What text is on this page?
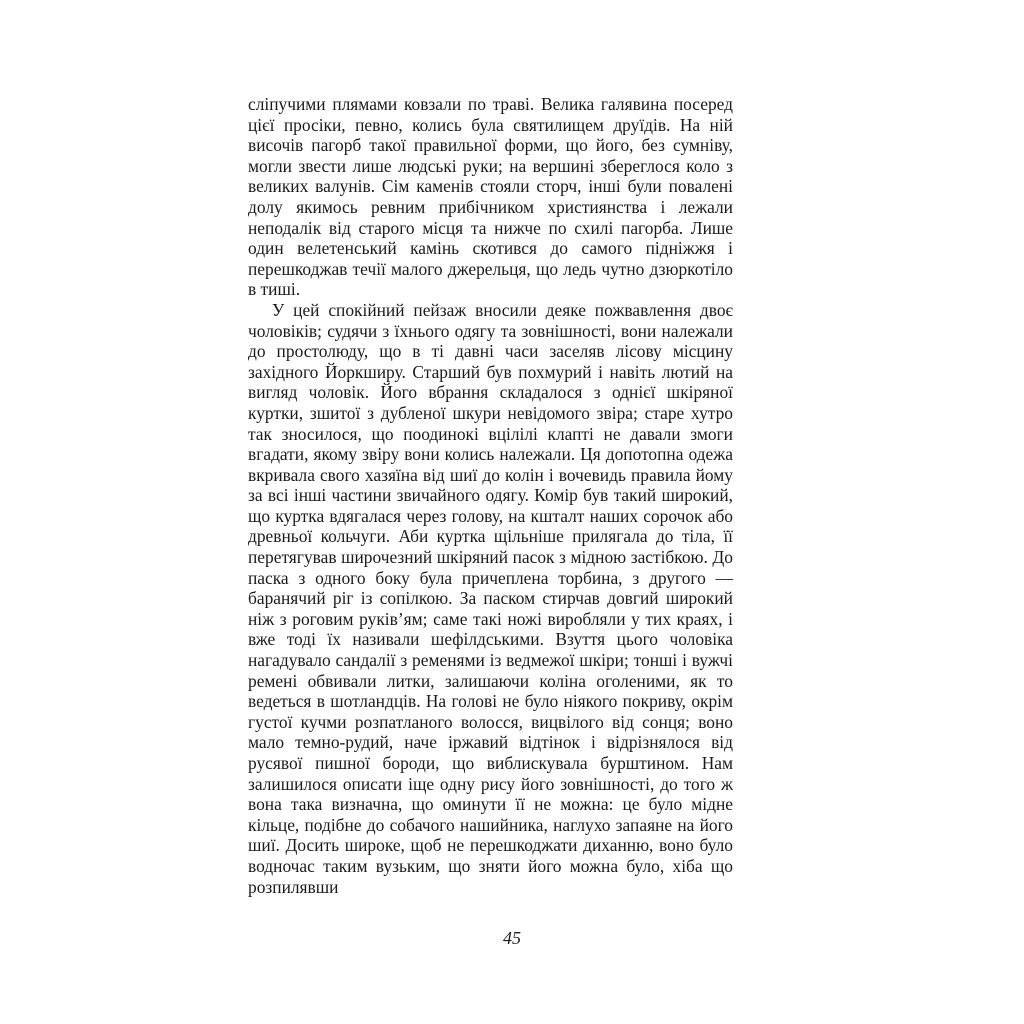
сліпучими плямами ковзали по траві. Велика галявина посеред цієї просіки, певно, колись була святилищем друїдів. На ній височів пагорб такої правильної форми, що його, без сумніву, могли звести лише людські руки; на вершині збереглося коло з великих валунів. Сім каменів стояли сторч, інші були повалені долу якимось ревним прибічником християнства і лежали неподалік від старого місця та нижче по схилі пагорба. Лише один велетенський камінь скотився до самого підніжжя і перешкоджав течії малого джерельця, що ледь чутно дзюркотіло в тиші.

У цей спокійний пейзаж вносили деяке пожвавлення двоє чоловіків; судячи з їхнього одягу та зовнішності, вони належали до простолюду, що в ті давні часи заселяв лісову місцину західного Йоркширу. Старший був похмурий і навіть лютий на вигляд чоловік. Його вбрання складалося з однієї шкіряної куртки, зшитої з дубленої шкури невідомого звіра; старе хутро так зносилося, що поодинокі вцілілі клапті не давали змоги вгадати, якому звіру вони колись належали. Ця допотопна одежа вкривала свого хазяїна від шиї до колін і вочевидь правила йому за всі інші частини звичайного одягу. Комір був такий широкий, що куртка вдягалася через голову, на кшталт наших сорочок або древньої кольчуги. Аби куртка щільніше прилягала до тіла, її перетягував широчезний шкіряний пасок з мідною застібкою. До паска з одного боку була причеплена торбина, з другого — баранячий ріг із сопілкою. За паском стирчав довгий широкий ніж з роговим руків’ям; саме такі ножі виробляли у тих краях, і вже тоді їх називали шефілдськими. Взуття цього чоловіка нагадувало сандалії з ременями із ведмежої шкіри; тонші і вужчі ремені обвивали литки, залишаючи коліна оголеними, як то ведеться в шотландців. На голові не було ніякого покриву, окрім густої кучми розпатланого волосся, вицвілого від сонця; воно мало темно-рудий, наче іржавий відтінок і відрізнялося від русявої пишної бороди, що виблискувала бурштином. Нам залишилося описати іще одну рису його зовнішності, до того ж вона така визначна, що оминути її не можна: це було мідне кільце, подібне до собачого нашийника, наглухо запаяне на його шиї. Досить широке, щоб не перешкоджати диханню, воно було водночас таким вузьким, що зняти його можна було, хіба що розпилявши

45
